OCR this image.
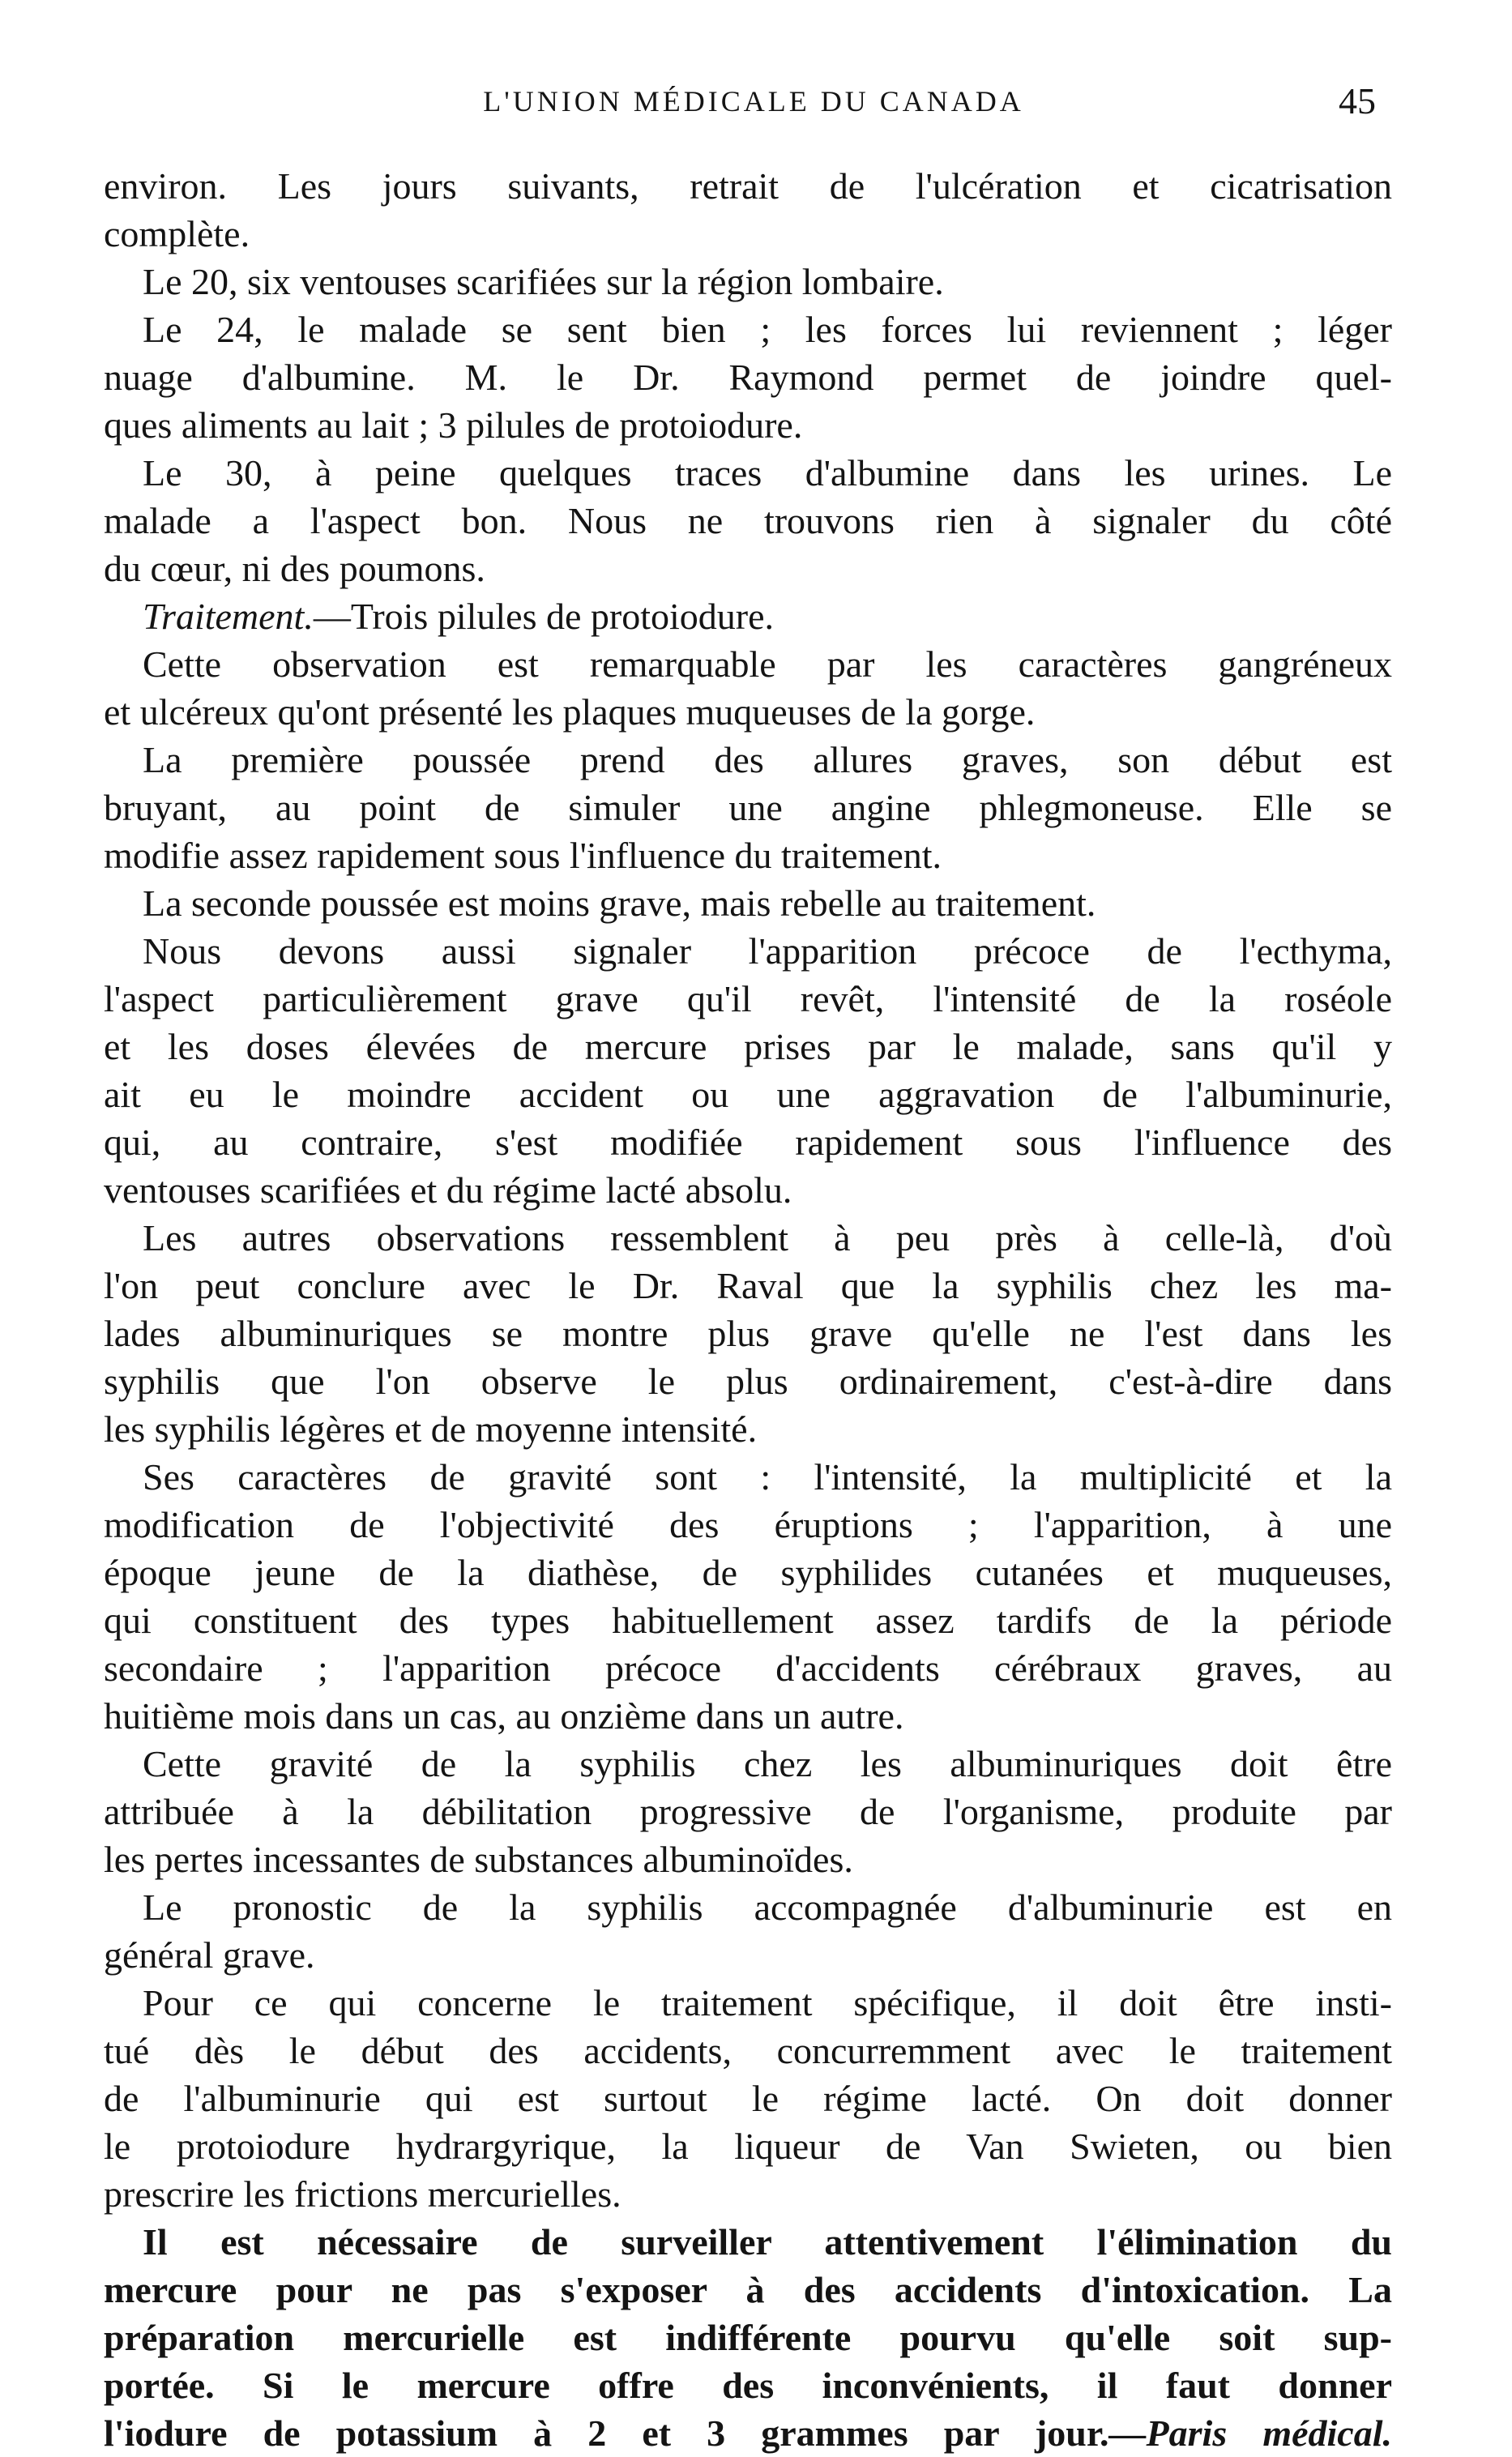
L'UNION MÉDICALE DU CANADA	45
environ. Les jours suivants, retrait de l'ulcération et cicatrisation
complète.
Le 20, six ventouses scarifiées sur la région lombaire.
Le 24, le malade se sent bien ; les forces lui reviennent ; léger
nuage d'albumine. M. le Dr. Raymond permet de joindre quel-
ques aliments au lait ; 3 pilules de protoiodure.
Le 30, à peine quelques traces d'albumine dans les urines. Le
malade a l'aspect bon. Nous ne trouvons rien à signaler du côté
du cœur, ni des poumons.
Traitement.—Trois pilules de protoiodure.
Cette observation est remarquable par les caractères gangréneux
et ulcéreux qu'ont présenté les plaques muqueuses de la gorge.
La première poussée prend des allures graves, son début est
bruyant, au point de simuler une angine phlegmoneuse. Elle se
modifie assez rapidement sous l'influence du traitement.
La seconde poussée est moins grave, mais rebelle au traitement.
Nous devons aussi signaler l'apparition précoce de l'ecthyma,
l'aspect particulièrement grave qu'il revêt, l'intensité de la roséole
et les doses élevées de mercure prises par le malade, sans qu'il y
ait eu le moindre accident ou une aggravation de l'albuminurie,
qui, au contraire, s'est modifiée rapidement sous l'influence des
ventouses scarifiées et du régime lacté absolu.
Les autres observations ressemblent à peu près à celle-là, d'où
l'on peut conclure avec le Dr. Raval que la syphilis chez les ma-
lades albuminuriques se montre plus grave qu'elle ne l'est dans les
syphilis que l'on observe le plus ordinairement, c'est-à-dire dans
les syphilis légères et de moyenne intensité.
Ses caractères de gravité sont : l'intensité, la multiplicité et la
modification de l'objectivité des éruptions ; l'apparition, à une
époque jeune de la diathèse, de syphilides cutanées et muqueuses,
qui constituent des types habituellement assez tardifs de la période
secondaire ; l'apparition précoce d'accidents cérébraux graves, au
huitième mois dans un cas, au onzième dans un autre.
Cette gravité de la syphilis chez les albuminuriques doit être
attribuée à la débilitation progressive de l'organisme, produite par
les pertes incessantes de substances albuminoïdes.
Le pronostic de la syphilis accompagnée d'albuminurie est en
général grave.
Pour ce qui concerne le traitement spécifique, il doit être insti-
tué dès le début des accidents, concurremment avec le traitement
de l'albuminurie qui est surtout le régime lacté. On doit donner
le protoiodure hydrargyrique, la liqueur de Van Swieten, ou bien
prescrire les frictions mercurielles.
Il est nécessaire de surveiller attentivement l'élimination du
mercure pour ne pas s'exposer à des accidents d'intoxication. La
préparation mercurielle est indifférente pourvu qu'elle soit sup-
portée. Si le mercure offre des inconvénients, il faut donner
l'iodure de potassium à 2 et 3 grammes par jour.—Paris médical.
